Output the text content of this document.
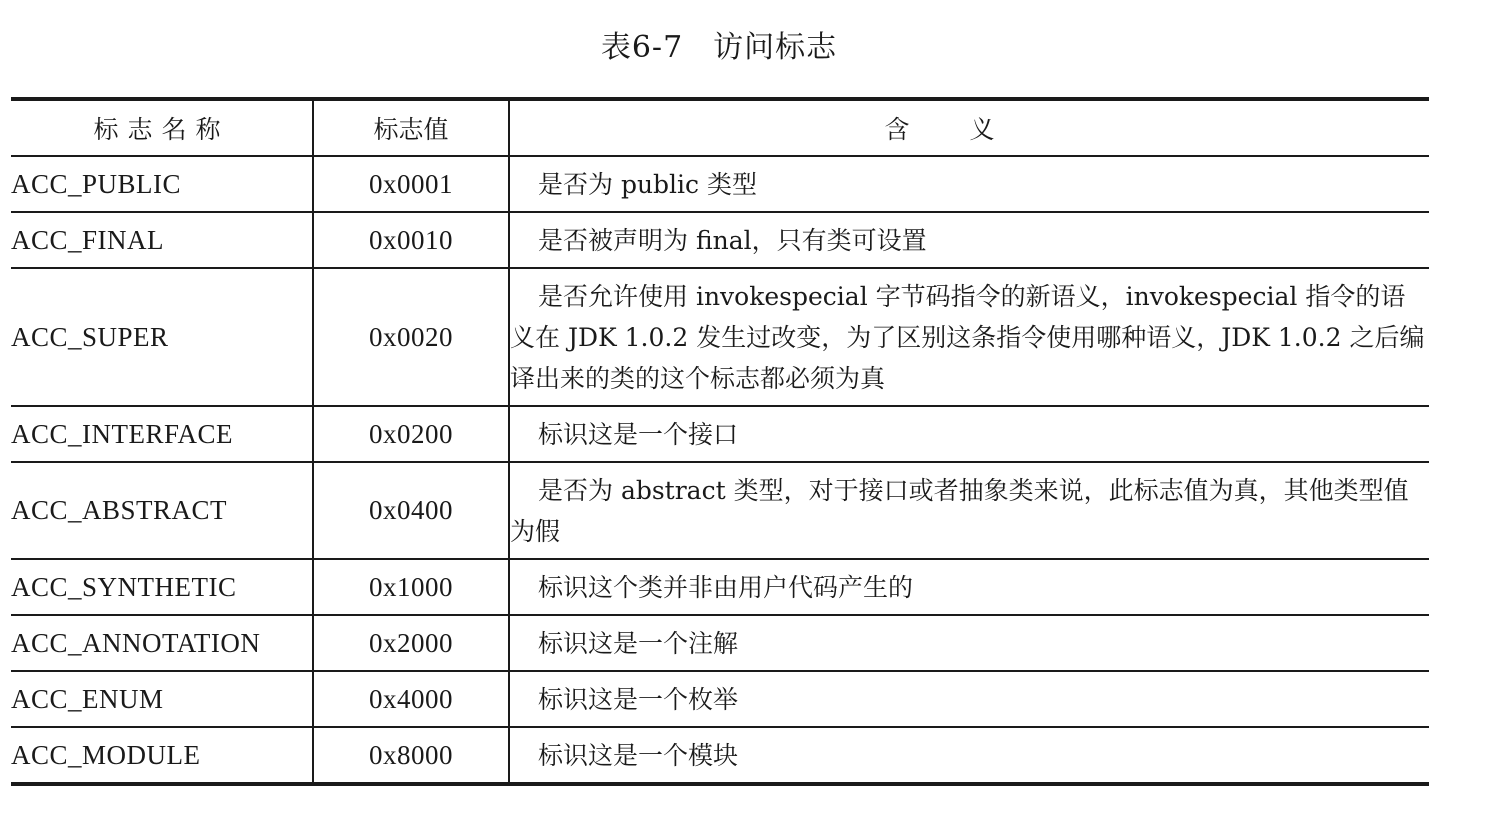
表6-7 访问标志
标志名称	标志值	含义
ACC_PUBLIC	0x0001	是否为 public 类型
ACC_FINAL	0x0010	是否被声明为 final，只有类可设置
ACC_SUPER	0x0020	是否允许使用 invokespecial 字节码指令的新语义，invokespecial 指令的语义在 JDK 1.0.2 发生过改变，为了区别这条指令使用哪种语义，JDK 1.0.2 之后编译出来的类的这个标志都必须为真
ACC_INTERFACE	0x0200	标识这是一个接口
ACC_ABSTRACT	0x0400	是否为 abstract 类型，对于接口或者抽象类来说，此标志值为真，其他类型值为假
ACC_SYNTHETIC	0x1000	标识这个类并非由用户代码产生的
ACC_ANNOTATION	0x2000	标识这是一个注解
ACC_ENUM	0x4000	标识这是一个枚举
ACC_MODULE	0x8000	标识这是一个模块
